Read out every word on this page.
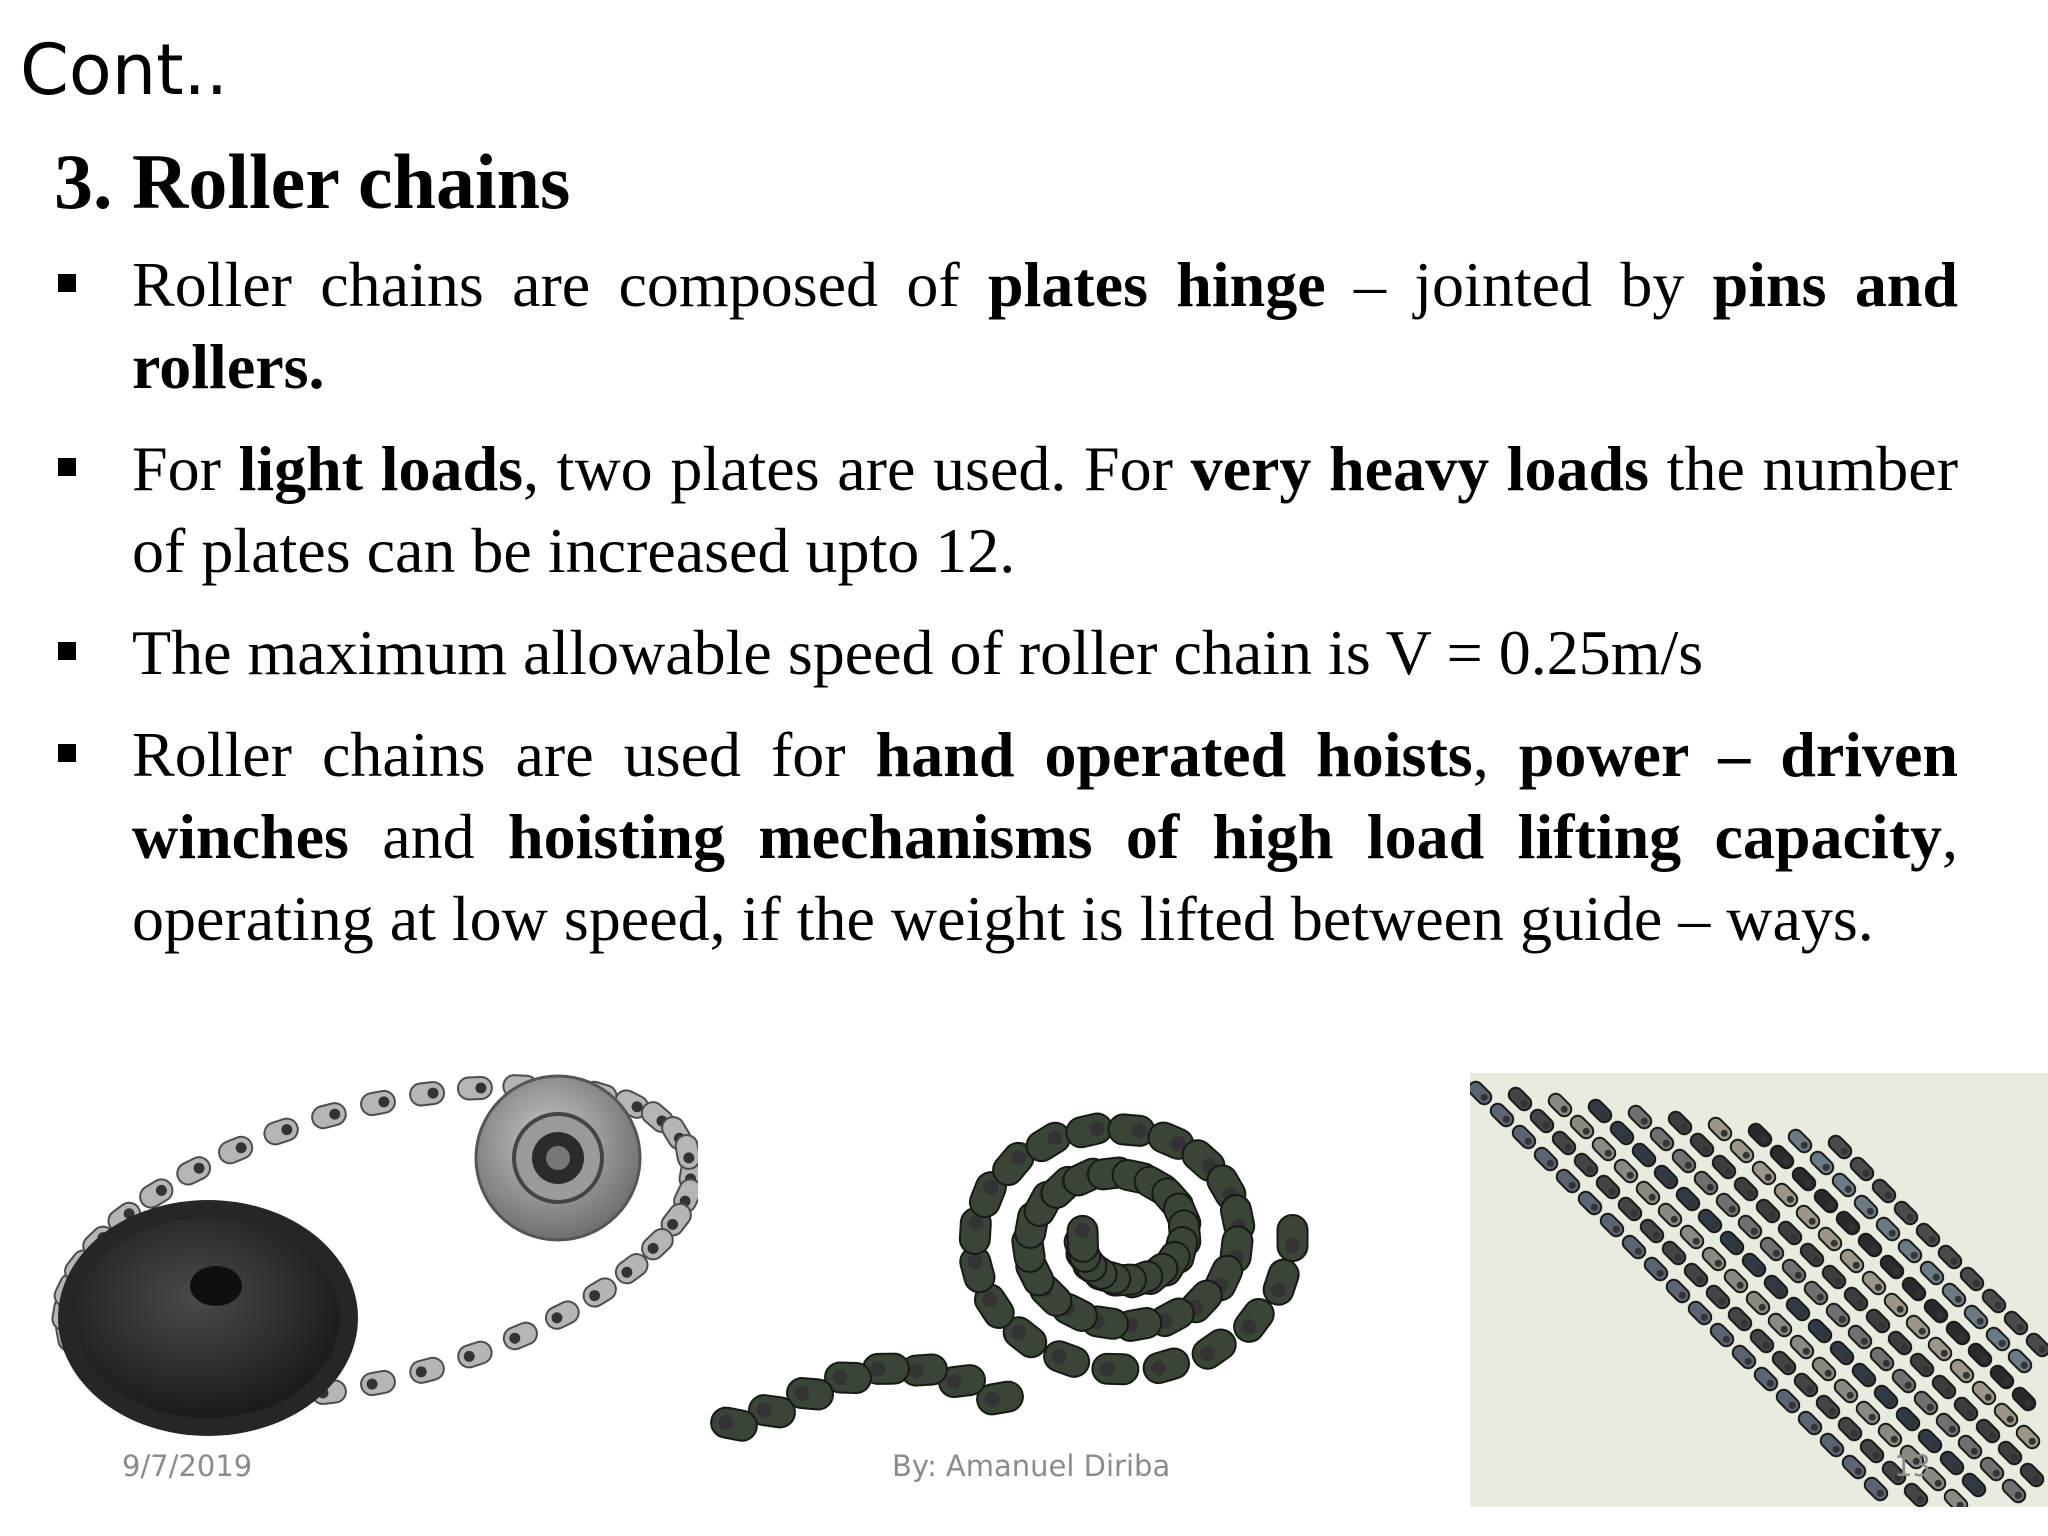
Cont..
3. Roller chains
Roller chains are composed of plates hinge – jointed by pins and rollers.
For light loads, two plates are used. For very heavy loads the number of plates can be increased upto 12.
The maximum allowable speed of roller chain is V = 0.25m/s
Roller chains are used for hand operated hoists, power – driven winches and hoisting mechanisms of high load lifting capacity, operating at low speed, if the weight is lifted between guide – ways.
9/7/2019	By: Amanuel Diriba	13
